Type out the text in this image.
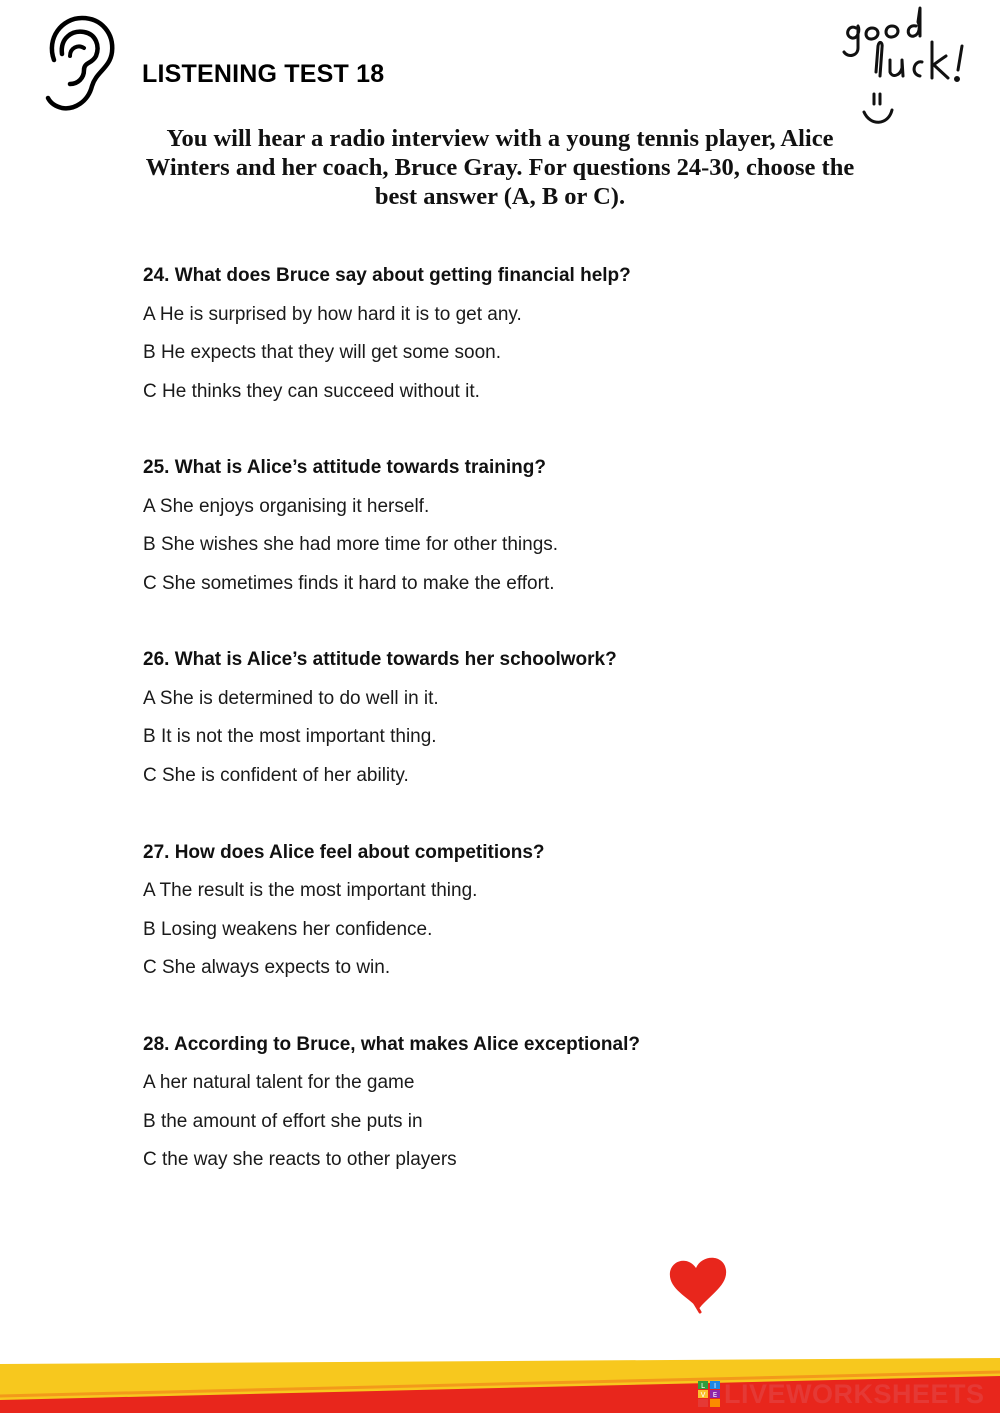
LISTENING TEST 18
You will hear a radio interview with a young tennis player, Alice Winters and her coach, Bruce Gray. For questions 24-30, choose the best answer (A, B or C).
24. What does Bruce say about getting financial help?
A He is surprised by how hard it is to get any.
B He expects that they will get some soon.
C He thinks they can succeed without it.
25. What is Alice’s attitude towards training?
A She enjoys organising it herself.
B She wishes she had more time for other things.
C She sometimes finds it hard to make the effort.
26. What is Alice’s attitude towards her schoolwork?
A She is determined to do well in it.
B It is not the most important thing.
C She is confident of her ability.
27. How does Alice feel about competitions?
A The result is the most important thing.
B Losing weakens her confidence.
C She always expects to win.
28. According to Bruce, what makes Alice exceptional?
A her natural talent for the game
B the amount of effort she puts in
C the way she reacts to other players
L I
V E LIVEWORKSHEETS
